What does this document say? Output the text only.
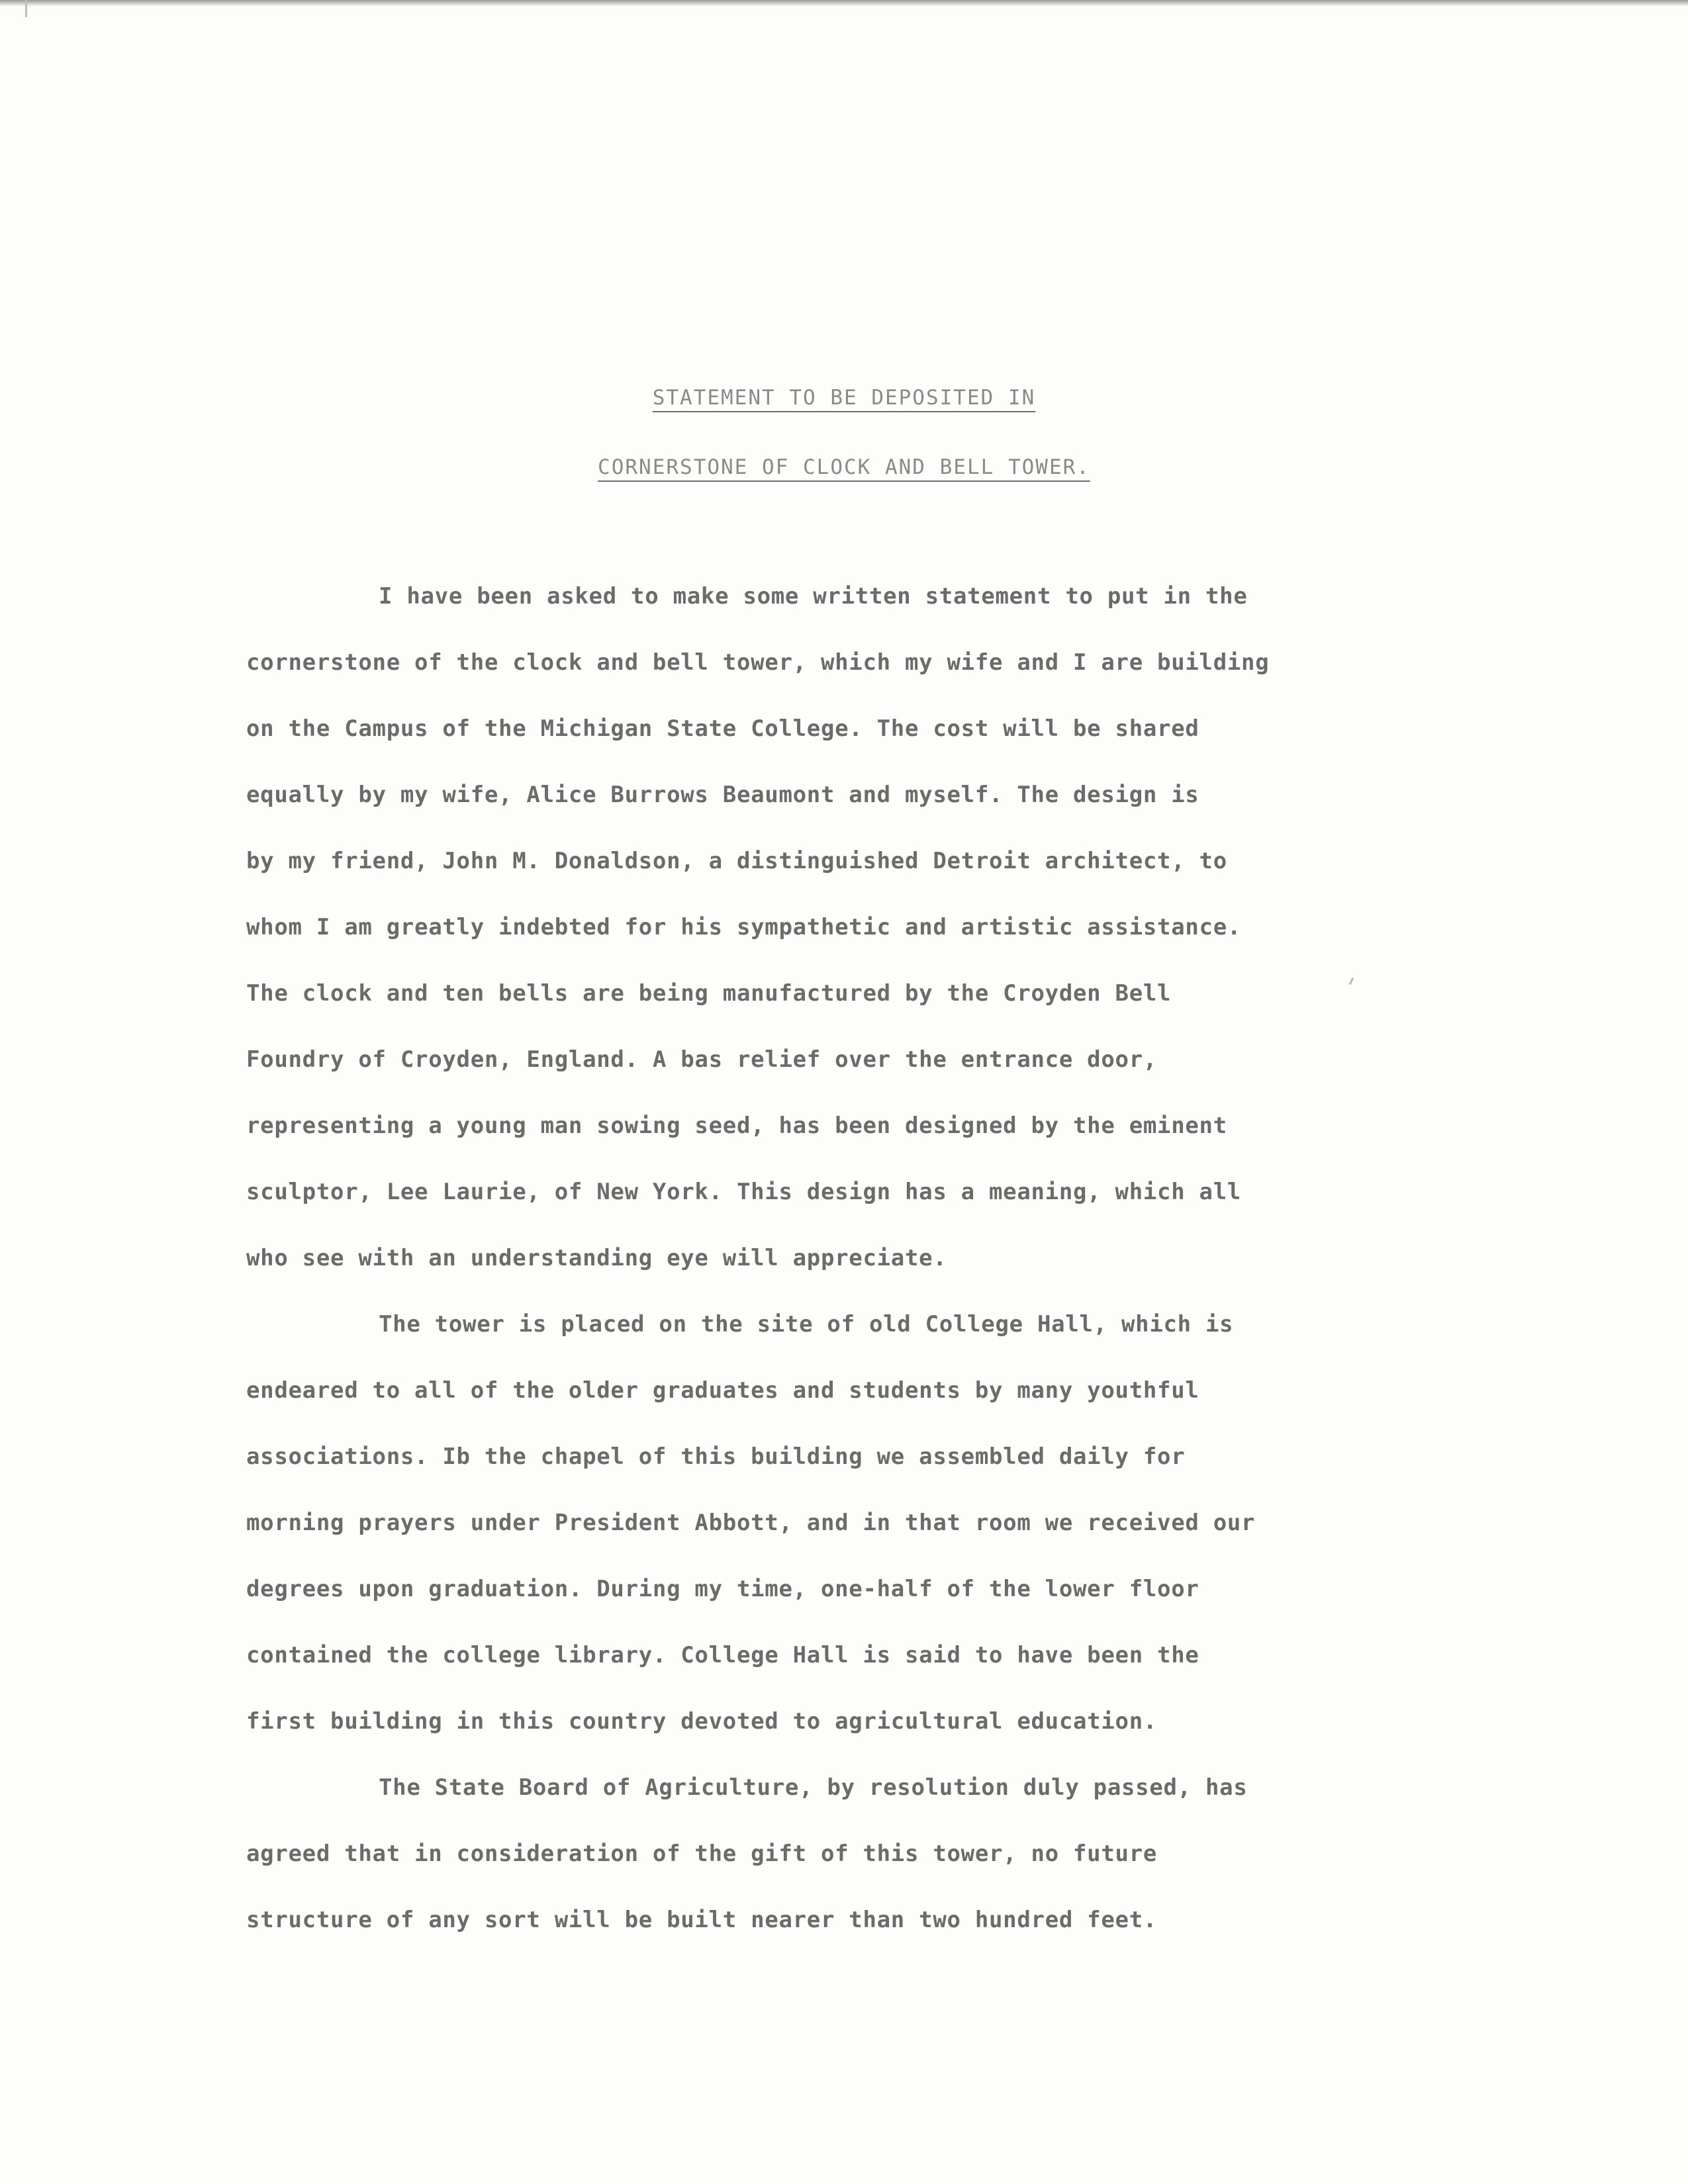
STATEMENT TO BE DEPOSITED IN
CORNERSTONE OF CLOCK AND BELL TOWER.
I have been asked to make some written statement to put in the
cornerstone of the clock and bell tower, which my wife and I are building
on the Campus of the Michigan State College. The cost will be shared
equally by my wife, Alice Burrows Beaumont and myself. The design is
by my friend, John M. Donaldson, a distinguished Detroit architect, to
whom I am greatly indebted for his sympathetic and artistic assistance.
The clock and ten bells are being manufactured by the Croyden Bell
Foundry of Croyden, England. A bas relief over the entrance door,
representing a young man sowing seed, has been designed by the eminent
sculptor, Lee Laurie, of New York. This design has a meaning, which all
who see with an understanding eye will appreciate.
The tower is placed on the site of old College Hall, which is
endeared to all of the older graduates and students by many youthful
associations. Ib the chapel of this building we assembled daily for
morning prayers under President Abbott, and in that room we received our
degrees upon graduation. During my time, one-half of the lower floor
contained the college library. College Hall is said to have been the
first building in this country devoted to agricultural education.
The State Board of Agriculture, by resolution duly passed, has
agreed that in consideration of the gift of this tower, no future
structure of any sort will be built nearer than two hundred feet.
